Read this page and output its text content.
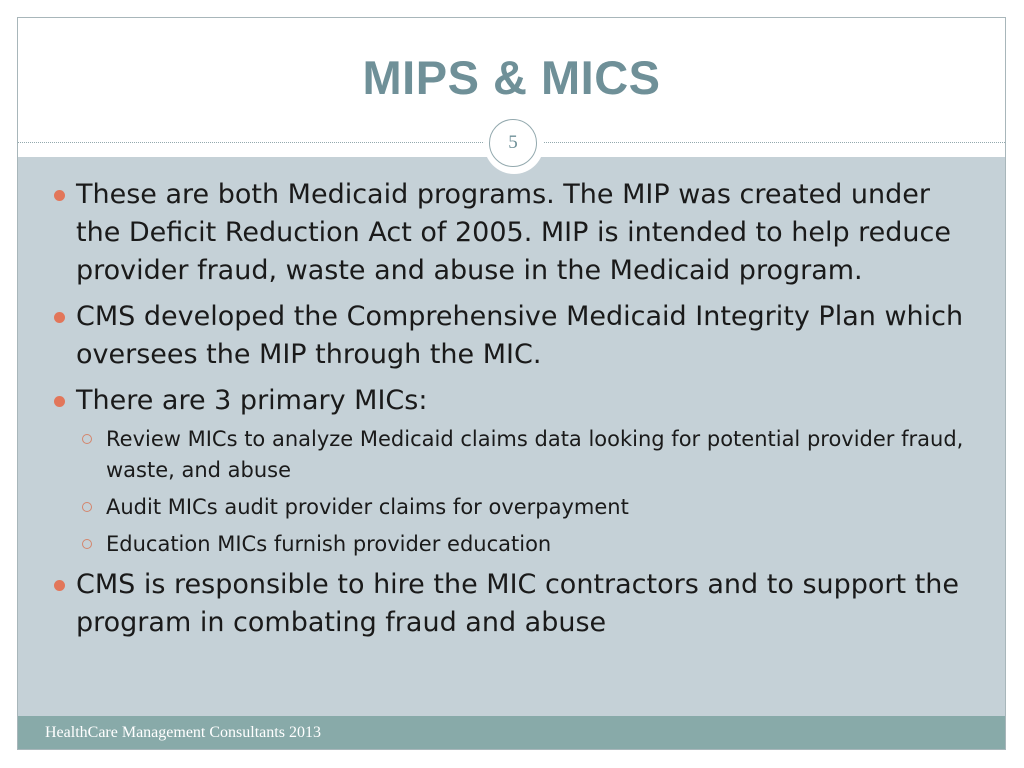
MIPS & MICS
5
These are both Medicaid programs. The MIP was created under the Deficit Reduction Act of 2005. MIP is intended to help reduce provider fraud, waste and abuse in the Medicaid program.
CMS developed the Comprehensive Medicaid Integrity Plan which oversees the MIP through the MIC.
There are 3 primary MICs:
Review MICs to analyze Medicaid claims data looking for potential provider fraud, waste, and abuse
Audit MICs audit provider claims for overpayment
Education MICs furnish provider education
CMS is responsible to hire the MIC contractors and to support the program in combating fraud and abuse
HealthCare Management Consultants 2013
